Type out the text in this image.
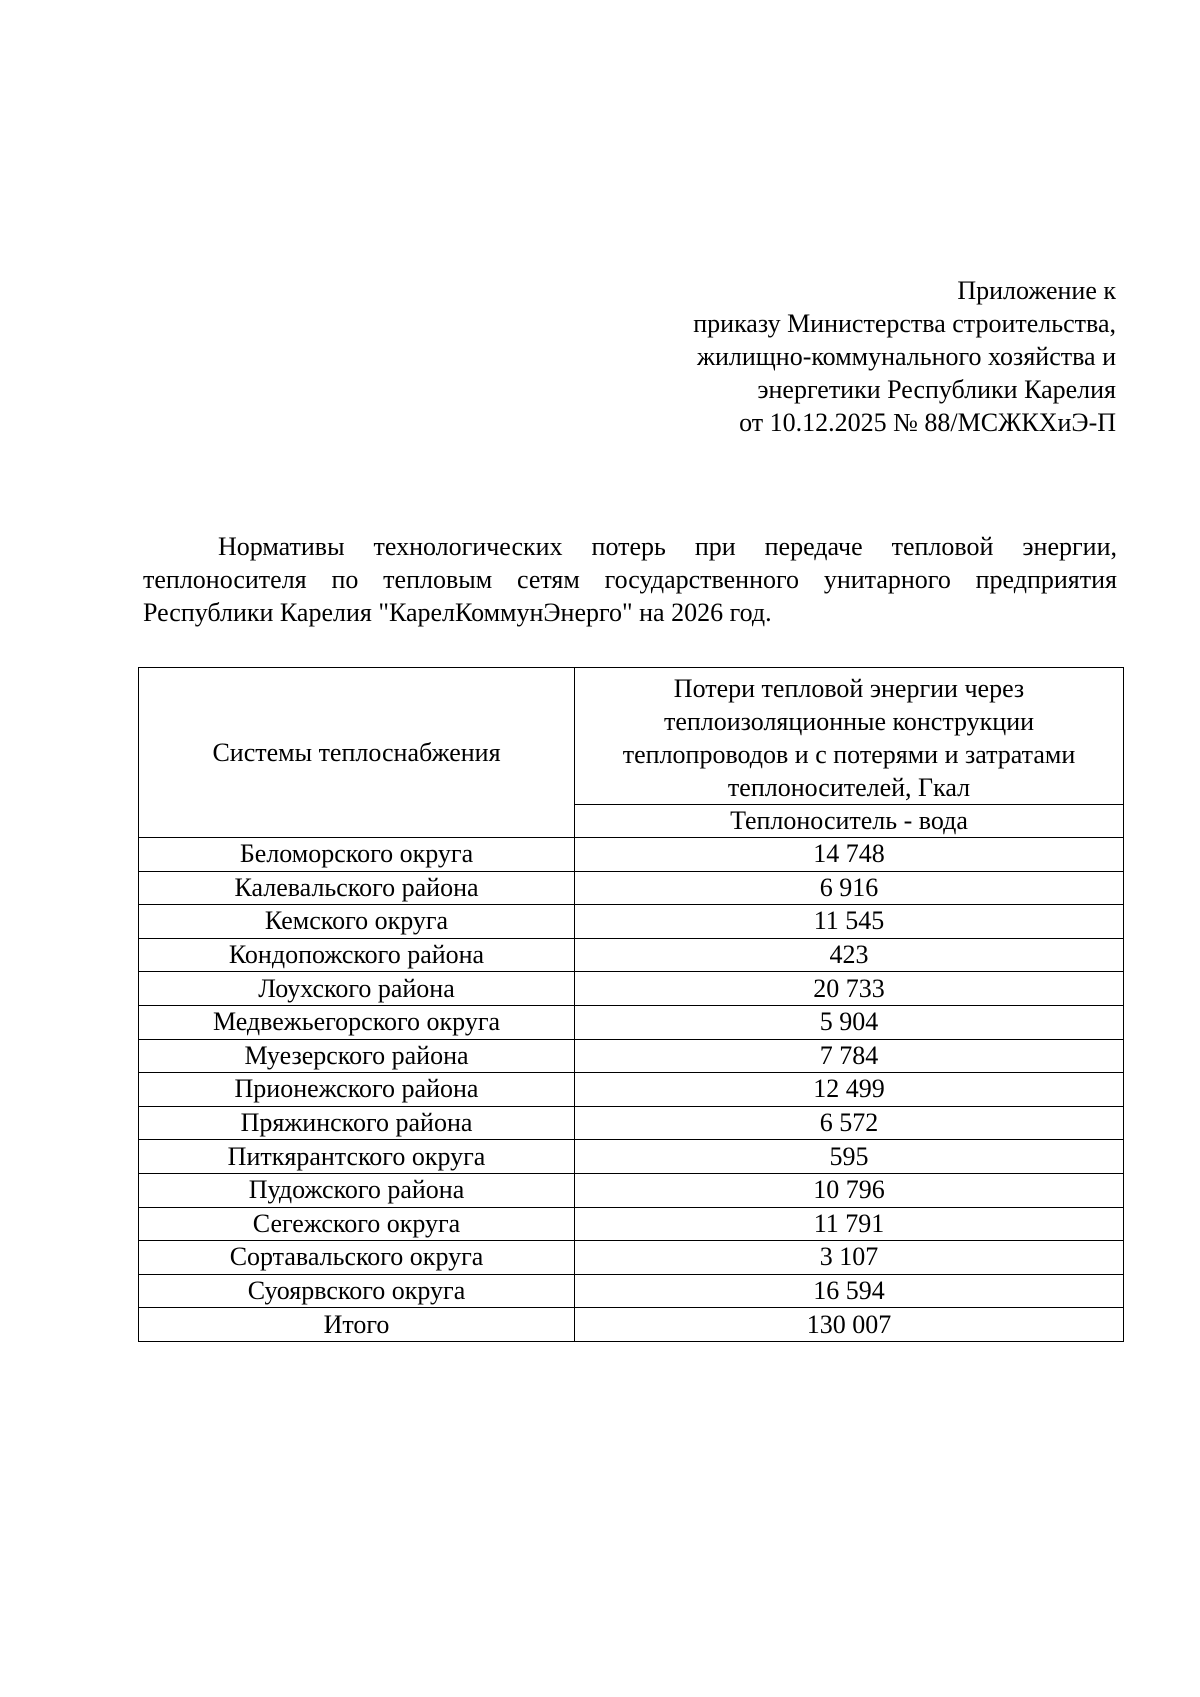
Приложение к
приказу Министерства строительства,
жилищно-коммунального хозяйства и
энергетики Республики Карелия
от 10.12.2025 № 88/МСЖКХиЭ-П
Нормативы технологических потерь при передаче тепловой энергии, теплоносителя по тепловым сетям государственного унитарного предприятия Республики Карелия "КарелКоммунЭнерго" на 2026 год.
Системы теплоснабжения	Потери тепловой энергии через теплоизоляционные конструкции теплопроводов и с потерями и затратами теплоносителей, Гкал
	Теплоноситель - вода
Беломорского округа	14 748
Калевальского района	6 916
Кемского округа	11 545
Кондопожского района	423
Лоухского района	20 733
Медвежьегорского округа	5 904
Муезерского района	7 784
Прионежского района	12 499
Пряжинского района	6 572
Питкярантского округа	595
Пудожского района	10 796
Сегежского округа	11 791
Сортавальского округа	3 107
Суоярвского округа	16 594
Итого	130 007
